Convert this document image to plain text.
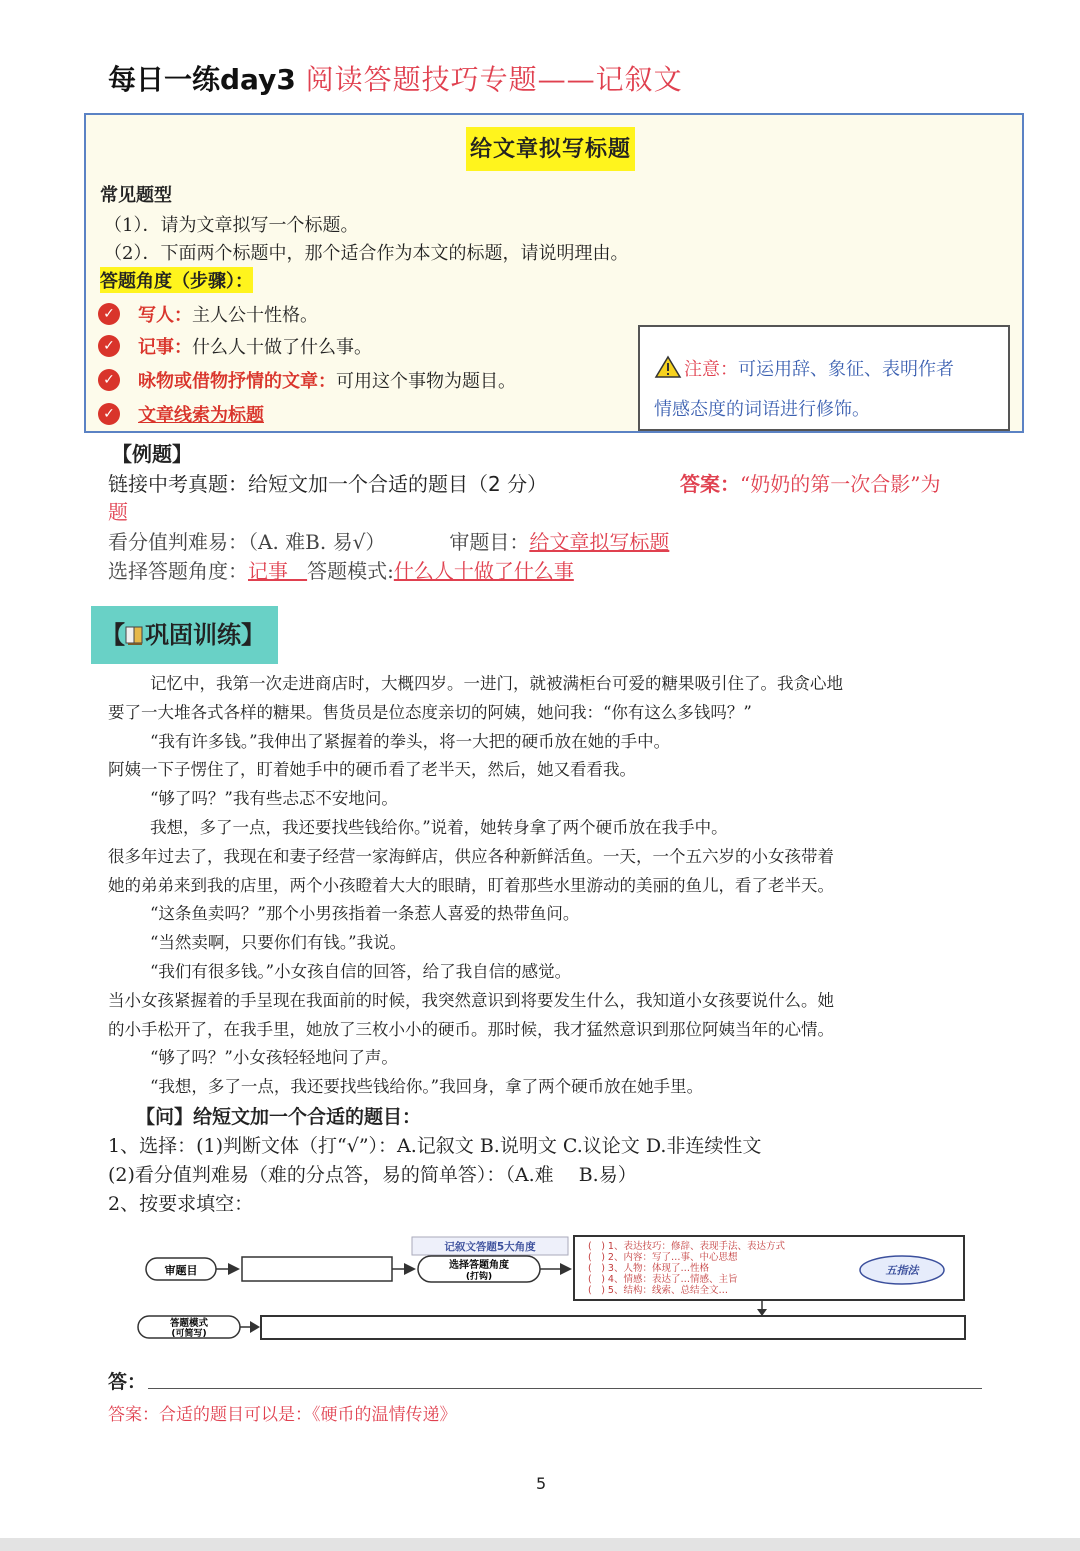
每日一练day3 阅读答题技巧专题——记叙文
给文章拟写标题
常见题型
（1）．请为文章拟写一个标题。
（2）．下面两个标题中，那个适合作为本文的标题，请说明理由。
答题角度（步骤）：
✓ 写人：主人公十性格。
✓ 记事：什么人十做了什么事。
✓ 咏物或借物抒情的文章：可用这个事物为题目。
✓ 文章线索为标题
注意：可运用辞、象征、表明作者
情感态度的词语进行修饰。
【例题】
链接中考真题：给短文加一个合适的题目（2 分）	答案：“奶奶的第一次合影”为
题
看分值判难易：（A. 难B. 易√）	审题目：给文章拟写标题
选择答题角度：记事 答题模式:什么人十做了什么事
【 巩固训练】

记忆中，我第一次走进商店时，大概四岁。一进门，就被满柜台可爱的糖果吸引住了。我贪心地

要了一大堆各式各样的糖果。售货员是位态度亲切的阿姨，她问我：“你有这么多钱吗？”

“我有许多钱。”我伸出了紧握着的拳头，将一大把的硬币放在她的手中。

阿姨一下子愣住了，盯着她手中的硬币看了老半天，然后，她又看看我。

“够了吗？”我有些忐忑不安地问。

我想，多了一点，我还要找些钱给你。”说着，她转身拿了两个硬币放在我手中。

很多年过去了，我现在和妻子经营一家海鲜店，供应各种新鲜活鱼。一天，一个五六岁的小女孩带着

她的弟弟来到我的店里，两个小孩瞪着大大的眼睛，盯着那些水里游动的美丽的鱼儿，看了老半天。

“这条鱼卖吗？”那个小男孩指着一条惹人喜爱的热带鱼问。

“当然卖啊，只要你们有钱。”我说。

“我们有很多钱。”小女孩自信的回答，给了我自信的感觉。

当小女孩紧握着的手呈现在我面前的时候，我突然意识到将要发生什么，我知道小女孩要说什么。她

的小手松开了，在我手里，她放了三枚小小的硬币。那时候，我才猛然意识到那位阿姨当年的心情。

“够了吗？”小女孩轻轻地问了声。

“我想，多了一点，我还要找些钱给你。”我回身，拿了两个硬币放在她手里。

【问】给短文加一个合适的题目：
1、选择：(1)判断文体（打“√”）：A.记叙文 B.说明文 C.议论文 D.非连续性文
(2)看分值判难易（难的分点答，易的简单答）：（A.难　 B.易）
2、按要求填空：
审题目
记叙文答题5大角度
选择答题角度
(打钩)
(　) 1、表达技巧：修辞、表现手法、表达方式
(　) 2、内容：写了…事、中心思想
(　) 3、人物：体现了…性格
(　) 4、情感：表达了…情感、主旨
(　) 5、结构：线索、总结全文…
五指法
答题模式
(可简写)
答：
答案：合适的题目可以是：《硬币的温情传递》
5
